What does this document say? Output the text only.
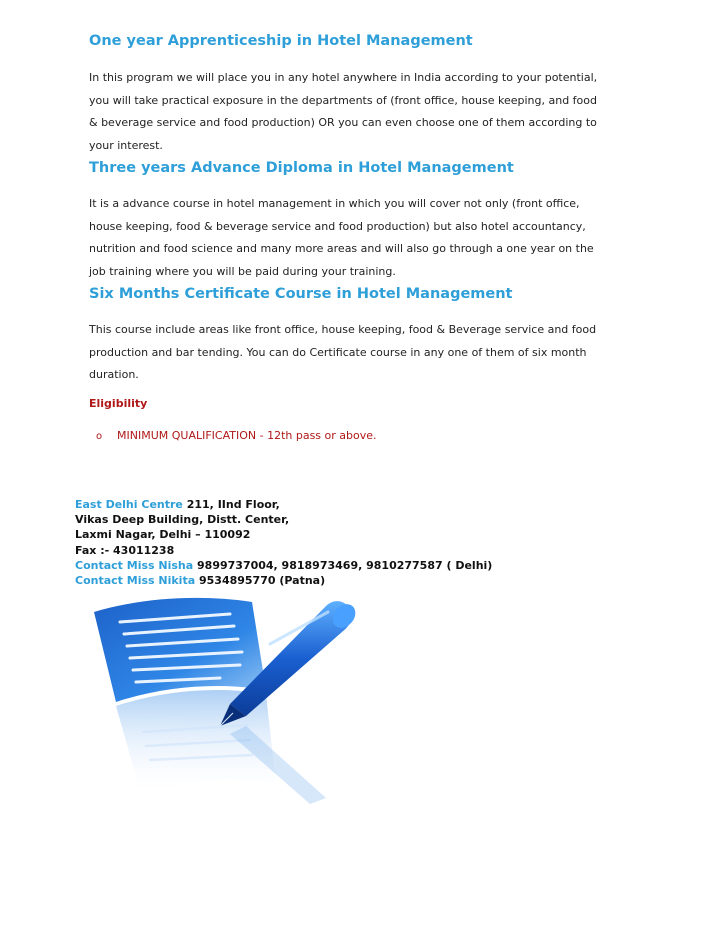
One year Apprenticeship in Hotel Management

In this program we will place you in any hotel anywhere in India according to your potential, you will take practical exposure in the departments of (front office, house keeping, and food & beverage service and food production) OR you can even choose one of them according to your interest.

Three years Advance Diploma in Hotel Management

It is a advance course in hotel management in which you will cover not only (front office, house keeping, food & beverage service and food production) but also hotel accountancy, nutrition and food science and many more areas and will also go through a one year on the job training where you will be paid during your training.

Six Months Certificate Course in Hotel Management

This course include areas like front office, house keeping, food & Beverage service and food production and bar tending. You can do Certificate course in any one of them of six month duration.

Eligibility
o MINIMUM QUALIFICATION - 12th pass or above.
East Delhi Centre 211, IInd Floor,
Vikas Deep Building, Distt. Center,
Laxmi Nagar, Delhi – 110092
Fax :- 43011238
Contact Miss Nisha 9899737004, 9818973469, 9810277587 ( Delhi)
Contact Miss Nikita 9534895770 (Patna)
